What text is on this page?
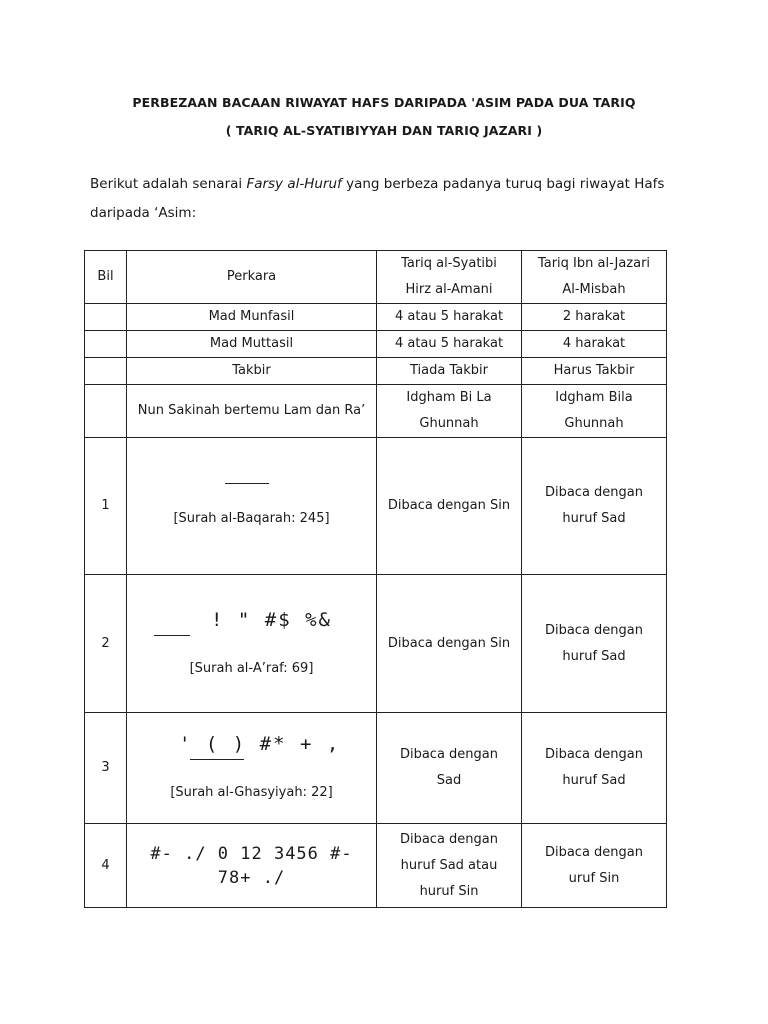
PERBEZAAN BACAAN RIWAYAT HAFS DARIPADA 'ASIM PADA DUA TARIQ
( TARIQ AL-SYATIBIYYAH DAN TARIQ JAZARI )

Berikut adalah senarai Farsy al-Huruf yang berbeza padanya turuq bagi riwayat Hafs daripada ‘Asim:

Bil	Perkara	Tariq al-Syatibi
Hirz al-Amani	Tariq Ibn al-Jazari
Al-Misbah

	Mad Munfasil	4 atau 5 harakat	2 harakat
	Mad Muttasil	4 atau 5 harakat	4 harakat
	Takbir	Tiada Takbir	Harus Takbir
	Nun Sakinah bertemu Lam dan Ra’	Idgham Bi La
Ghunnah	Idgham Bila
Ghunnah

1	[Surah al-Baqarah: 245]	Dibaca dengan Sin	Dibaca dengan
huruf Sad

2	! " #$ %&
[Surah al-A’raf: 69]	Dibaca dengan Sin	Dibaca dengan
huruf Sad

3	' ( ) #* + ,
[Surah al-Ghasyiyah: 22]	Dibaca dengan
Sad	Dibaca dengan
huruf Sad

4	#- ./ 0 12 3456 #- 78+ ./	Dibaca dengan
huruf Sad atau
huruf Sin	Dibaca dengan
uruf Sin
